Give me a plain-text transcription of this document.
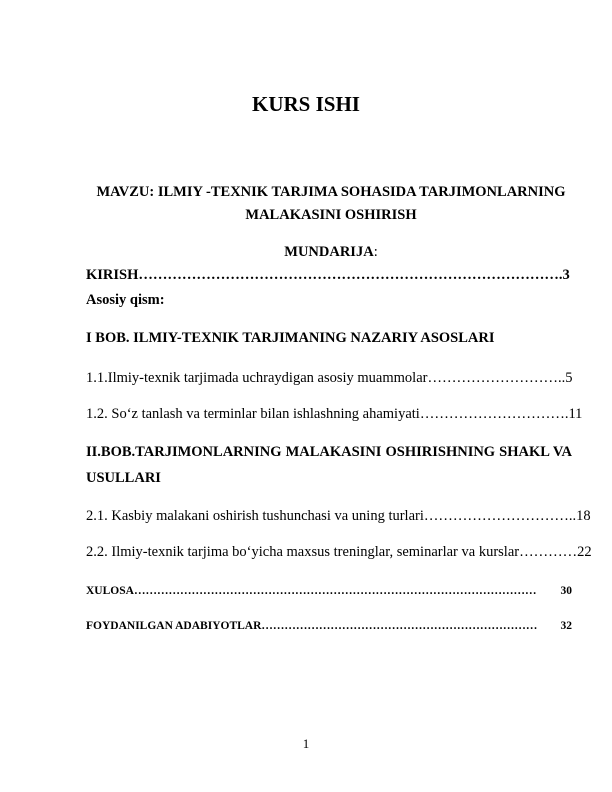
KURS ISHI
MAVZU: ILMIY -TEXNIK TARJIMA SOHASIDA TARJIMONLARNING
MALAKASINI OSHIRISH
MUNDARIJA:
KIRISH …………………………………………………………………………… .3
Asosiy qism:
I BOB. ILMIY-TEXNIK TARJIMANING NAZARIY ASOSLARI
1.1.Ilmiy-texnik tarjimada uchraydigan asosiy muammolar ……………………….. 5
1.2. So‘z tanlash va terminlar bilan ishlashning ahamiyati …………………………. 11
II.BOB.TARJIMONLARNING MALAKASINI OSHIRISHNING SHAKL VA
USULLARI
2.1. Kasbiy malakani oshirish tushunchasi va uning turlari ………………………….. 18
2.2. Ilmiy-texnik tarjima bo‘yicha maxsus treninglar, seminarlar va kurslar ………… 22
XULOSA ……………………………………………………………………………………………	30
FOYDANILGAN ADABIYOTLAR ………………………………………………………………	32
1
